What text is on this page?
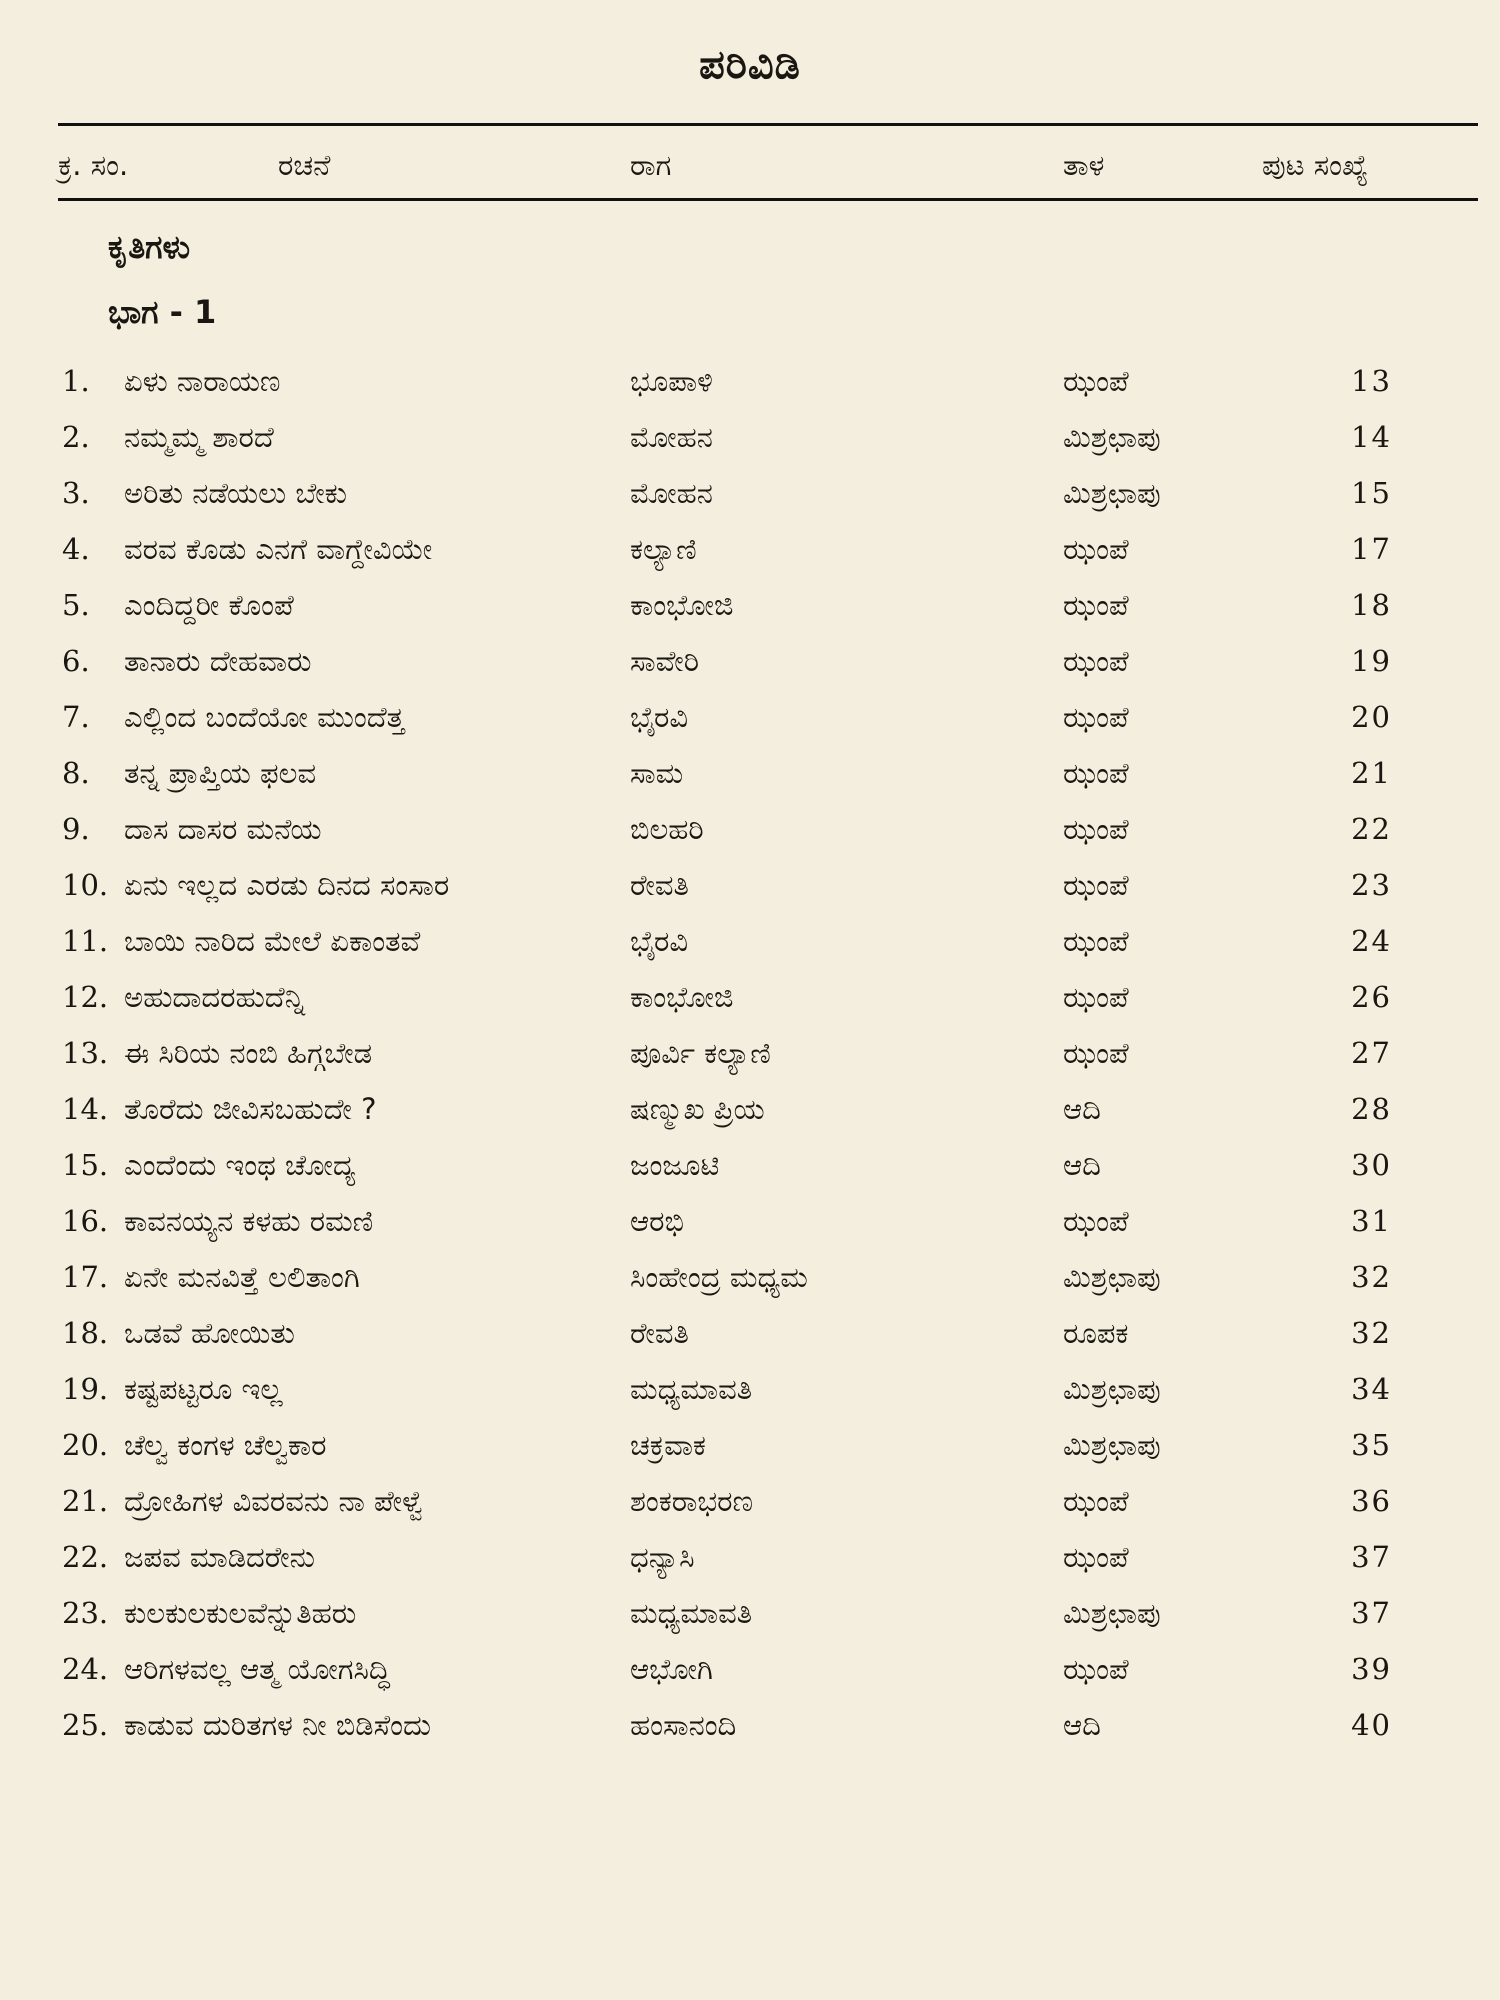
ಪರಿವಿಡಿ
ಕ್ರ. ಸಂ.	ರಚನೆ	ರಾಗ	ತಾಳ	ಪುಟ ಸಂಖ್ಯೆ
ಕೃತಿಗಳು
ಭಾಗ - 1
1. ಏಳು ನಾರಾಯಣ	ಭೂಪಾಳಿ	ಝಂಪೆ	13
2. ನಮ್ಮಮ್ಮ ಶಾರದೆ	ಮೋಹನ	ಮಿಶ್ರಛಾಪು	14
3. ಅರಿತು ನಡೆಯಲು ಬೇಕು	ಮೋಹನ	ಮಿಶ್ರಛಾಪು	15
4. ವರವ ಕೊಡು ಎನಗೆ ವಾಗ್ದೇವಿಯೇ	ಕಲ್ಯಾಣಿ	ಝಂಪೆ	17
5. ಎಂದಿದ್ದರೀ ಕೊಂಪೆ	ಕಾಂಭೋಜಿ	ಝಂಪೆ	18
6. ತಾನಾರು ದೇಹವಾರು	ಸಾವೇರಿ	ಝಂಪೆ	19
7. ಎಲ್ಲಿಂದ ಬಂದೆಯೋ ಮುಂದೆತ್ತ	ಭೈರವಿ	ಝಂಪೆ	20
8. ತನ್ನ ಪ್ರಾಪ್ತಿಯ ಫಲವ	ಸಾಮ	ಝಂಪೆ	21
9. ದಾಸ ದಾಸರ ಮನೆಯ	ಬಿಲಹರಿ	ಝಂಪೆ	22
10. ಏನು ಇಲ್ಲದ ಎರಡು ದಿನದ ಸಂಸಾರ	ರೇವತಿ	ಝಂಪೆ	23
11. ಬಾಯಿ ನಾರಿದ ಮೇಲೆ ಏಕಾಂತವೆ	ಭೈರವಿ	ಝಂಪೆ	24
12. ಅಹುದಾದರಹುದೆನ್ನಿ	ಕಾಂಭೋಜಿ	ಝಂಪೆ	26
13. ಈ ಸಿರಿಯ ನಂಬಿ ಹಿಗ್ಗಬೇಡ	ಪೂರ್ವಿ ಕಲ್ಯಾಣಿ	ಝಂಪೆ	27
14. ತೊರೆದು ಜೀವಿಸಬಹುದೇ ?	ಷಣ್ಮುಖ ಪ್ರಿಯ	ಆದಿ	28
15. ಎಂದೆಂದು ಇಂಥ ಚೋದ್ಯ	ಜಂಜೂಟಿ	ಆದಿ	30
16. ಕಾವನಯ್ಯನ ಕಳಹು ರಮಣಿ	ಆರಭಿ	ಝಂಪೆ	31
17. ಏನೇ ಮನವಿತ್ತೆ ಲಲಿತಾಂಗಿ	ಸಿಂಹೇಂದ್ರ ಮಧ್ಯಮ	ಮಿಶ್ರಛಾಪು	32
18. ಒಡವೆ ಹೋಯಿತು	ರೇವತಿ	ರೂಪಕ	32
19. ಕಷ್ಟಪಟ್ಟರೂ ಇಲ್ಲ	ಮಧ್ಯಮಾವತಿ	ಮಿಶ್ರಛಾಪು	34
20. ಚೆಲ್ವ ಕಂಗಳ ಚೆಲ್ವಕಾರ	ಚಕ್ರವಾಕ	ಮಿಶ್ರಛಾಪು	35
21. ದ್ರೋಹಿಗಳ ವಿವರವನು ನಾ ಪೇಳ್ವೆ	ಶಂಕರಾಭರಣ	ಝಂಪೆ	36
22. ಜಪವ ಮಾಡಿದರೇನು	ಧನ್ಯಾಸಿ	ಝಂಪೆ	37
23. ಕುಲಕುಲಕುಲವೆನ್ನುತಿಹರು	ಮಧ್ಯಮಾವತಿ	ಮಿಶ್ರಛಾಪು	37
24. ಆರಿಗಳವಲ್ಲ ಆತ್ಮ ಯೋಗಸಿದ್ಧಿ	ಆಭೋಗಿ	ಝಂಪೆ	39
25. ಕಾಡುವ ದುರಿತಗಳ ನೀ ಬಿಡಿಸೆಂದು	ಹಂಸಾನಂದಿ	ಆದಿ	40
